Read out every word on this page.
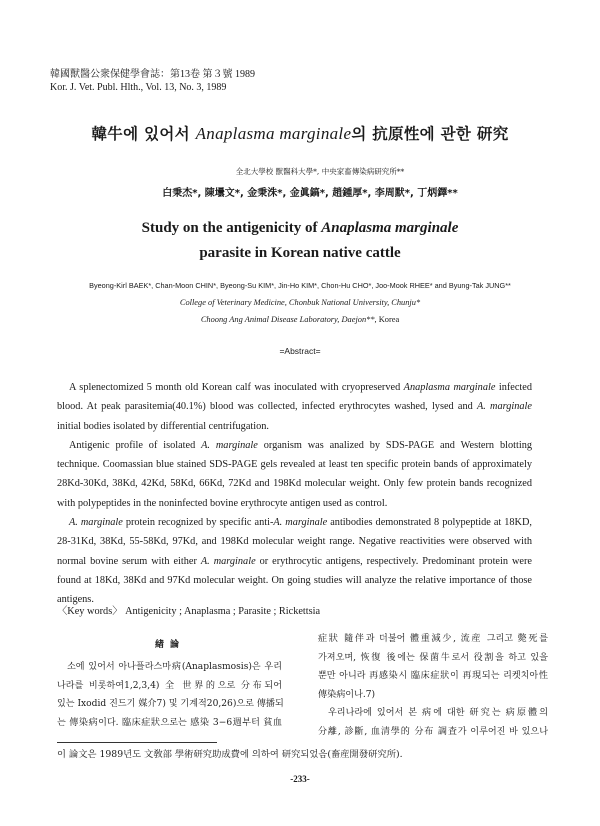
韓國獸醫公衆保健學會誌：第13卷 第３號 1989
Kor. J. Vet. Publ. Hlth., Vol. 13, No. 3, 1989
韓牛에 있어서 Anaplasma marginale의 抗原性에 관한 研究
全北大學校 獸醫科大學*, 中央家畜傳染病研究所**
白秉杰*, 陳壜文*, 金秉洙*, 金眞鎬*, 趙鍾厚*, 李周默*, 丁炳鐸**
Study on the antigenicity of Anaplasma marginale
parasite in Korean native cattle
Byeong-Kirl BAEK*, Chan-Moon CHIN*, Byeong-Su KIM*, Jin-Ho KIM*, Chon-Hu CHO*, Joo-Mook RHEE* and Byung-Tak JUNG**
College of Veterinary Medicine, Chonbuk National University, Chunju*
Choong Ang Animal Disease Laboratory, Daejon**, Korea
=Abstract=

A splenectomized 5 month old Korean calf was inoculated with cryopreserved Anaplasma marginale infected blood. At peak parasitemia(40.1%) blood was collected, infected erythrocytes washed, lysed and A. marginale initial bodies isolated by differential centrifugation.

Antigenic profile of isolated A. marginale organism was analized by SDS-PAGE and Western blotting technique. Coomassian blue stained SDS-PAGE gels revealed at least ten specific protein bands of approximately 28Kd-30Kd, 38Kd, 42Kd, 58Kd, 66Kd, 72Kd and 198Kd molecular weight. Only few protein bands recognized with polypeptides in the noninfected bovine erythrocyte antigen used as control.

A. marginale protein recognized by specific anti-A. marginale antibodies demonstrated 8 polypeptide at 18KD, 28-31Kd, 38Kd, 55-58Kd, 97Kd, and 198Kd molecular weight range. Negative reactivities were observed with normal bovine serum with either A. marginale or erythrocytic antigens, respectively. Predominant protein were found at 18Kd, 38Kd and 97Kd molecular weight. On going studies will analyze the relative importance of those antigens.

〈Key words〉 Antigenicity ; Anaplasma ; Parasite ; Rickettsia
緖論
소에 있어서 아나플라스마病(Anaplasmosis)은 우리
나라를 비롯하여1,2,3,4) 全 世界的으로 分布되어
있는 Ixodid 진드기 媒介7) 및 기계적20,26)으로 傳播되
는 傳染病이다. 臨床症狀으로는 感染 3−6週부터 貧血
症狀 隨伴과 더불어 體重減少, 流産 그리고 斃死를
가져오며, 恢復 後에는 保菌牛로서 役割을 하고 있을
뿐만 아니라 再感染시 臨床症狀이 再現되는 리켓치아性
傳染病이나.7)
우리나라에 있어서 본 病에 대한 研究는 病原體의
分離, 診斷, 血清學的 分布 調査가 이루어진 바 있으나
이 論文은 1989년도 文敎部 學術研究助成費에 의하여 研究되었음(畜産開發研究所).
-233-
